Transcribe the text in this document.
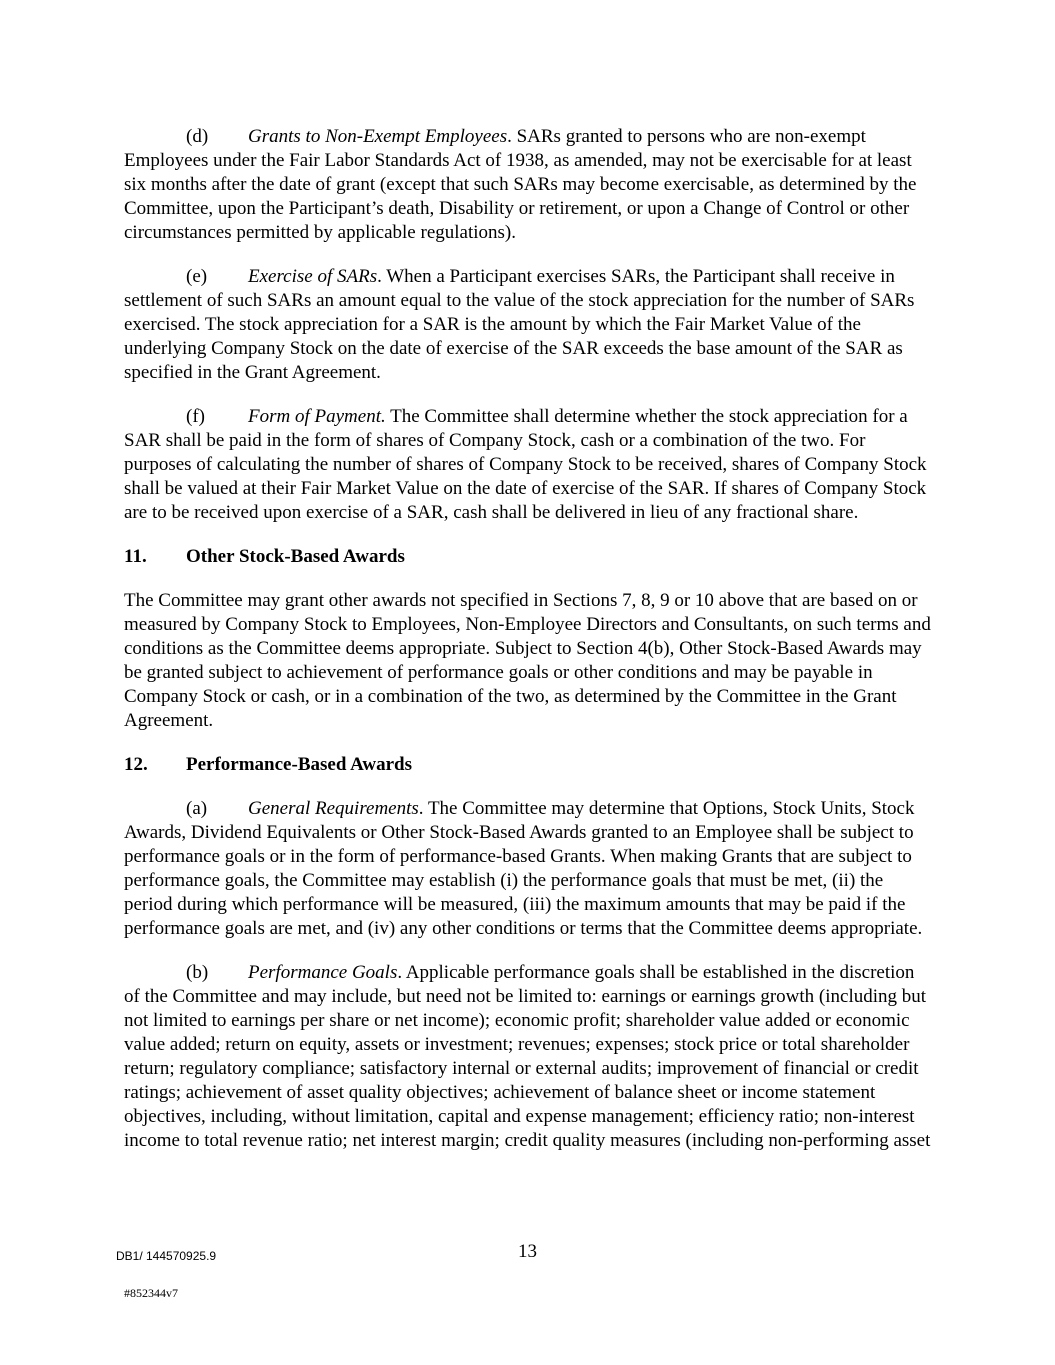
(d) Grants to Non-Exempt Employees. SARs granted to persons who are non-exempt Employees under the Fair Labor Standards Act of 1938, as amended, may not be exercisable for at least six months after the date of grant (except that such SARs may become exercisable, as determined by the Committee, upon the Participant’s death, Disability or retirement, or upon a Change of Control or other circumstances permitted by applicable regulations).

(e) Exercise of SARs. When a Participant exercises SARs, the Participant shall receive in settlement of such SARs an amount equal to the value of the stock appreciation for the number of SARs exercised. The stock appreciation for a SAR is the amount by which the Fair Market Value of the underlying Company Stock on the date of exercise of the SAR exceeds the base amount of the SAR as specified in the Grant Agreement.

(f) Form of Payment. The Committee shall determine whether the stock appreciation for a SAR shall be paid in the form of shares of Company Stock, cash or a combination of the two. For purposes of calculating the number of shares of Company Stock to be received, shares of Company Stock shall be valued at their Fair Market Value on the date of exercise of the SAR. If shares of Company Stock are to be received upon exercise of a SAR, cash shall be delivered in lieu of any fractional share.

11. Other Stock-Based Awards

The Committee may grant other awards not specified in Sections 7, 8, 9 or 10 above that are based on or measured by Company Stock to Employees, Non-Employee Directors and Consultants, on such terms and conditions as the Committee deems appropriate. Subject to Section 4(b), Other Stock-Based Awards may be granted subject to achievement of performance goals or other conditions and may be payable in Company Stock or cash, or in a combination of the two, as determined by the Committee in the Grant Agreement.

12. Performance-Based Awards

(a) General Requirements. The Committee may determine that Options, Stock Units, Stock Awards, Dividend Equivalents or Other Stock-Based Awards granted to an Employee shall be subject to performance goals or in the form of performance-based Grants. When making Grants that are subject to performance goals, the Committee may establish (i) the performance goals that must be met, (ii) the period during which performance will be measured, (iii) the maximum amounts that may be paid if the performance goals are met, and (iv) any other conditions or terms that the Committee deems appropriate.

(b) Performance Goals. Applicable performance goals shall be established in the discretion of the Committee and may include, but need not be limited to: earnings or earnings growth (including but not limited to earnings per share or net income); economic profit; shareholder value added or economic value added; return on equity, assets or investment; revenues; expenses; stock price or total shareholder return; regulatory compliance; satisfactory internal or external audits; improvement of financial or credit ratings; achievement of asset quality objectives; achievement of balance sheet or income statement objectives, including, without limitation, capital and expense management; efficiency ratio; non-interest income to total revenue ratio; net interest margin; credit quality measures (including non-performing asset

DB1/ 144570925.9	13
#852344v7
